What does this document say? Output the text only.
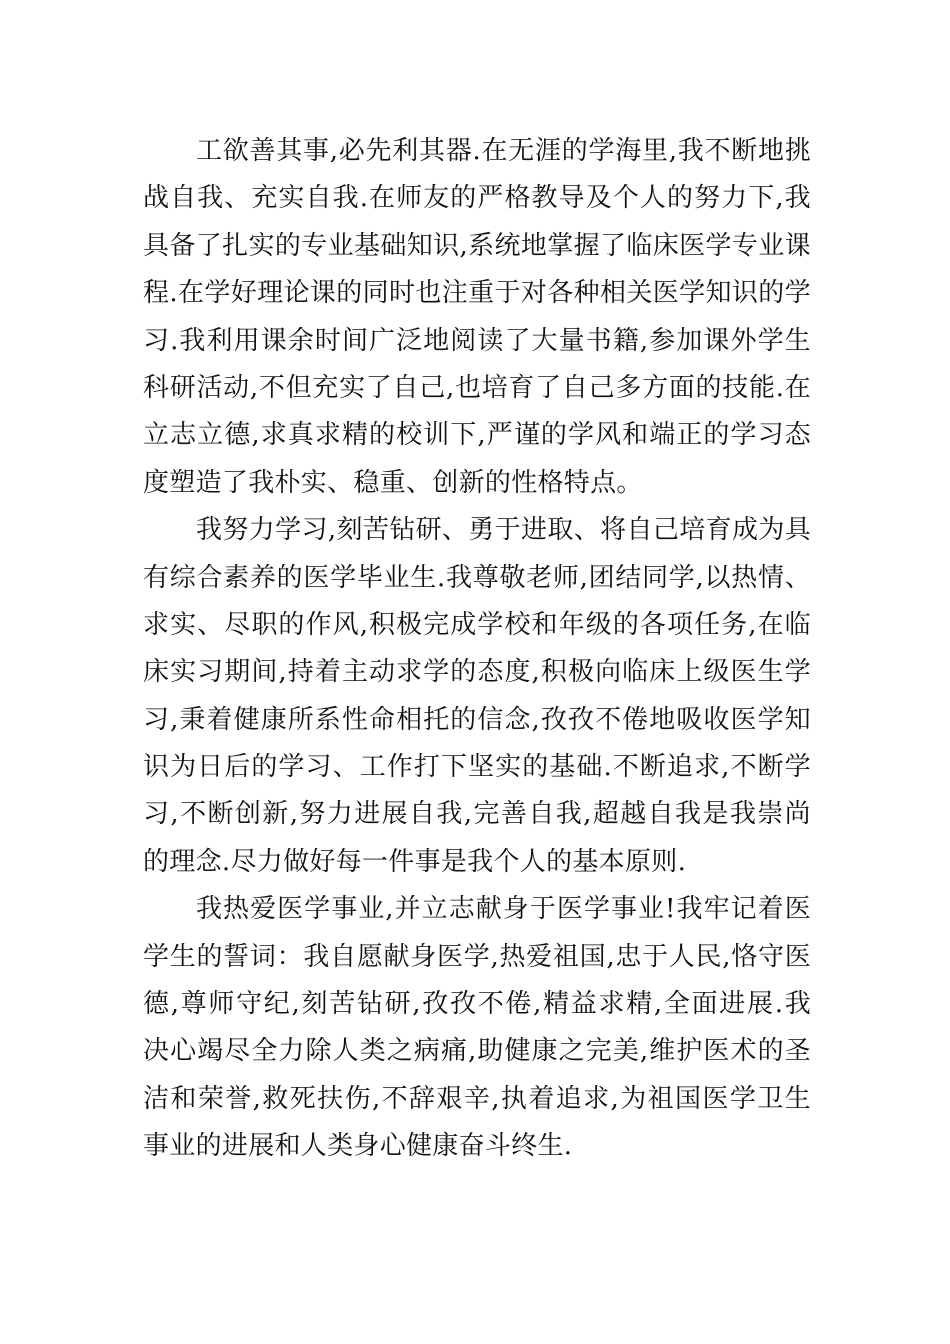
工欲善其事,必先利其器.在无涯的学海里,我不断地挑
战自我、充实自我.在师友的严格教导及个人的努力下,我
具备了扎实的专业基础知识,系统地掌握了临床医学专业课
程.在学好理论课的同时也注重于对各种相关医学知识的学
习.我利用课余时间广泛地阅读了大量书籍,参加课外学生
科研活动,不但充实了自己,也培育了自己多方面的技能.在
立志立德,求真求精的校训下,严谨的学风和端正的学习态
度塑造了我朴实、稳重、创新的性格特点。
我努力学习,刻苦钻研、勇于进取、将自己培育成为具
有综合素养的医学毕业生.我尊敬老师,团结同学,以热情、
求实、尽职的作风,积极完成学校和年级的各项任务,在临
床实习期间,持着主动求学的态度,积极向临床上级医生学
习,秉着健康所系性命相托的信念,孜孜不倦地吸收医学知
识为日后的学习、工作打下坚实的基础.不断追求,不断学
习,不断创新,努力进展自我,完善自我,超越自我是我崇尚
的理念.尽力做好每一件事是我个人的基本原则.
我热爱医学事业,并立志献身于医学事业!我牢记着医
学生的誓词：我自愿献身医学,热爱祖国,忠于人民,恪守医
德,尊师守纪,刻苦钻研,孜孜不倦,精益求精,全面进展.我
决心竭尽全力除人类之病痛,助健康之完美,维护医术的圣
洁和荣誉,救死扶伤,不辞艰辛,执着追求,为祖国医学卫生
事业的进展和人类身心健康奋斗终生.
